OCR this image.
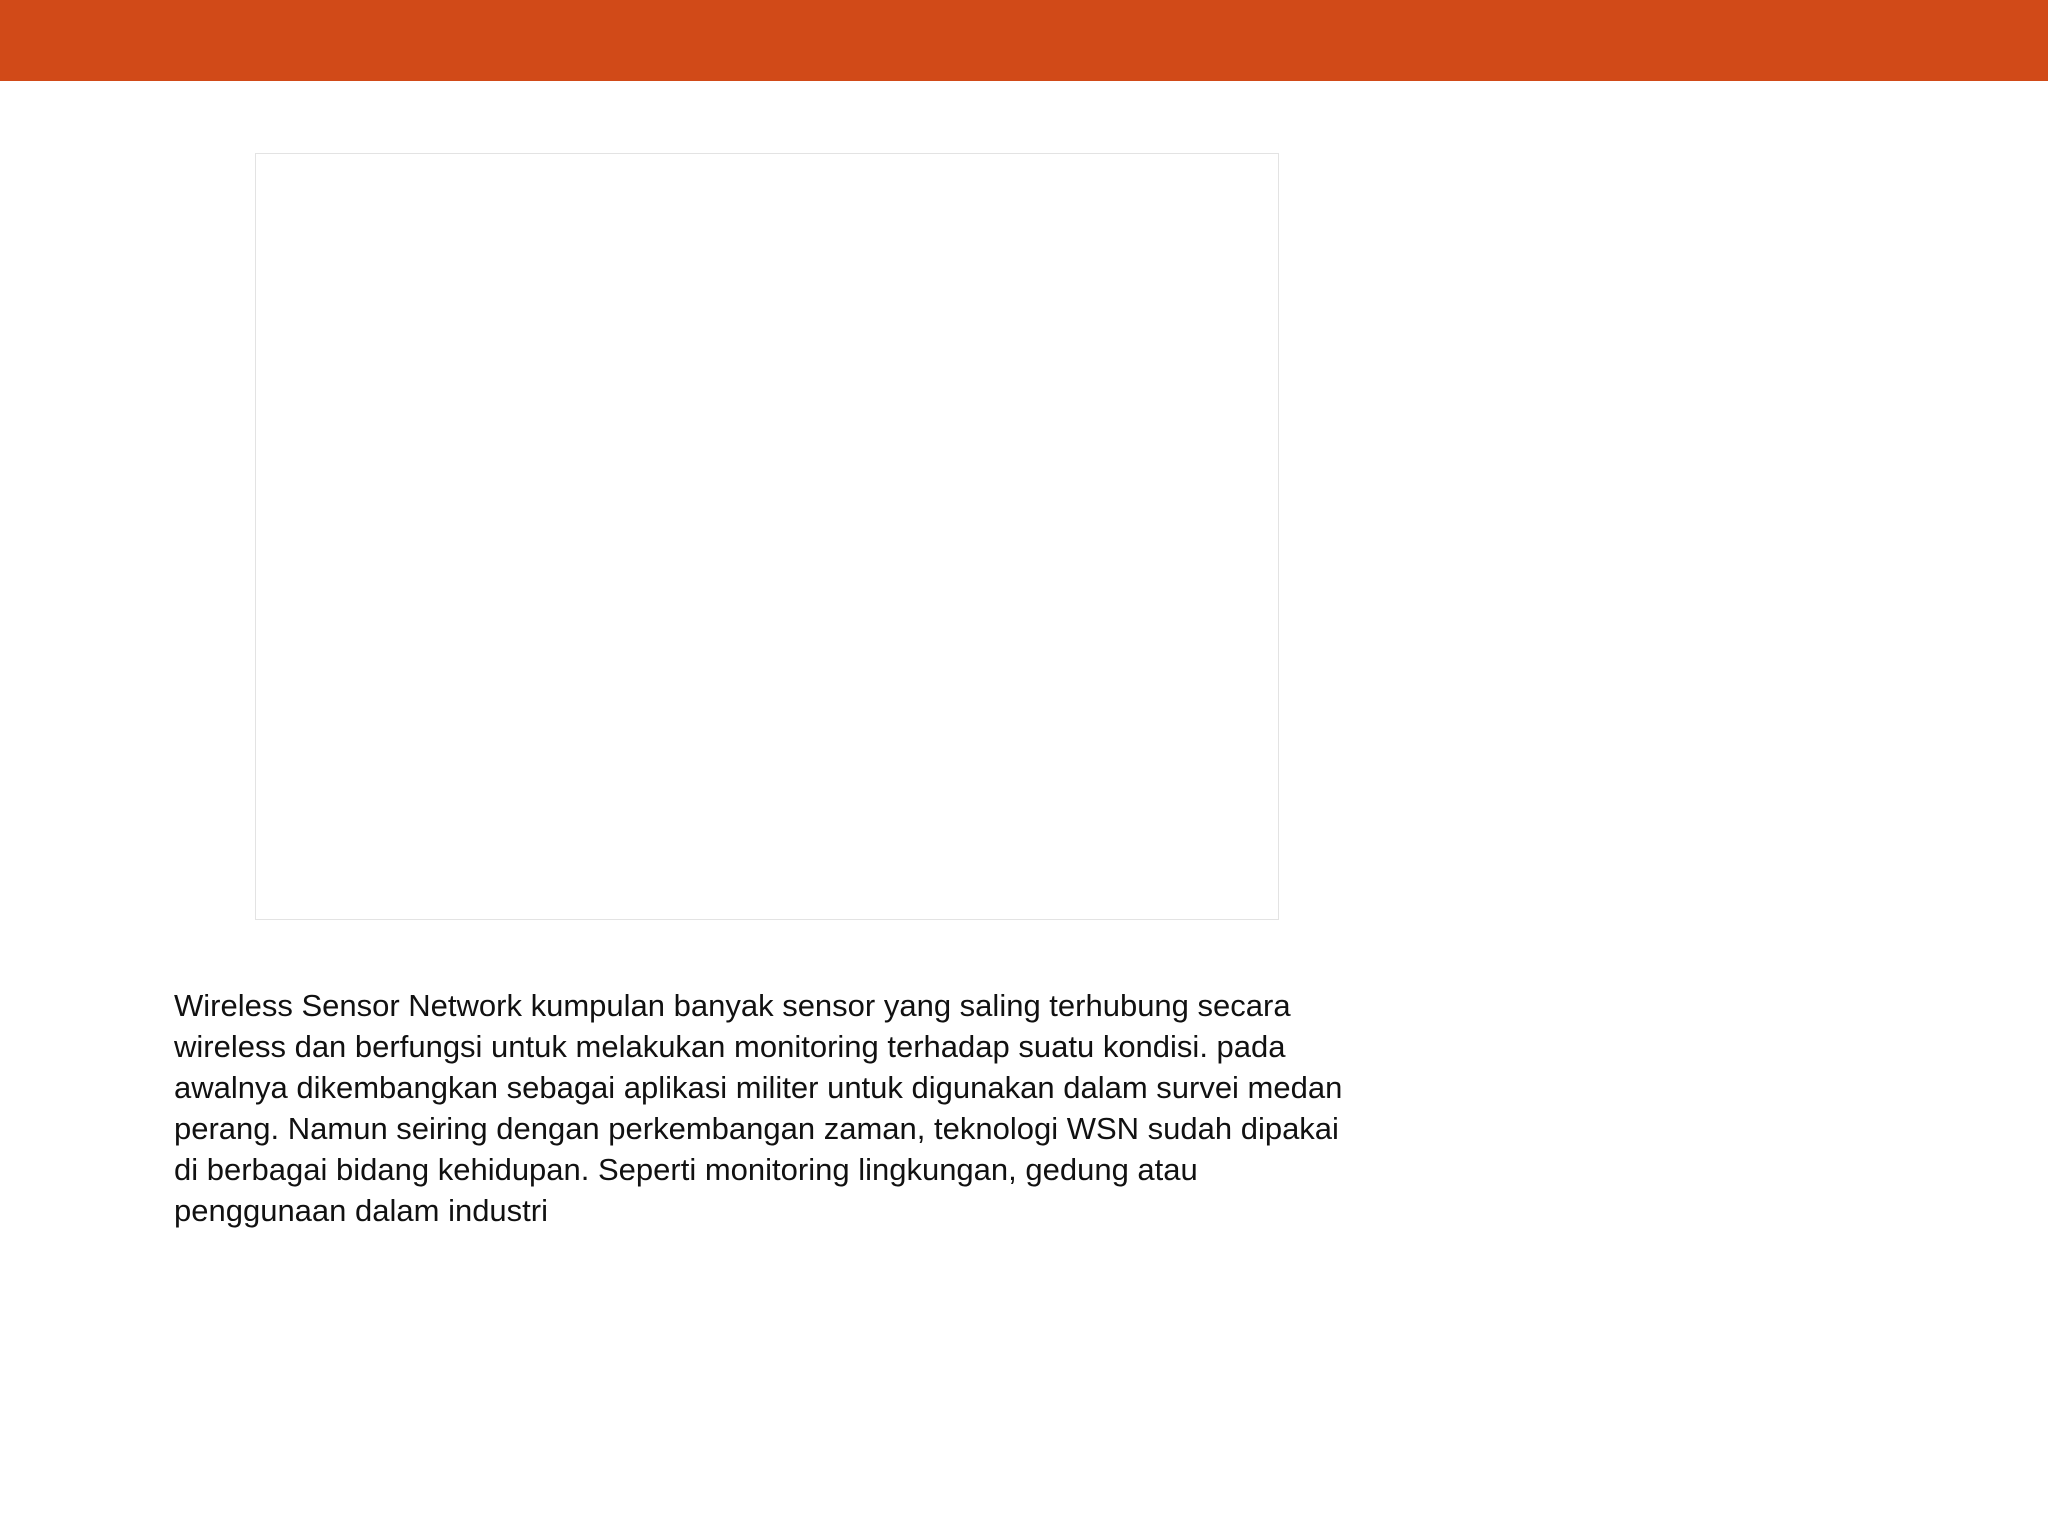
Wireless Sensor Network kumpulan banyak sensor yang saling terhubung secara
wireless dan berfungsi untuk melakukan monitoring terhadap suatu kondisi. pada
awalnya dikembangkan sebagai aplikasi militer untuk digunakan dalam survei medan
perang. Namun seiring dengan perkembangan zaman, teknologi WSN sudah dipakai
di berbagai bidang kehidupan. Seperti monitoring lingkungan, gedung atau
penggunaan dalam industri
